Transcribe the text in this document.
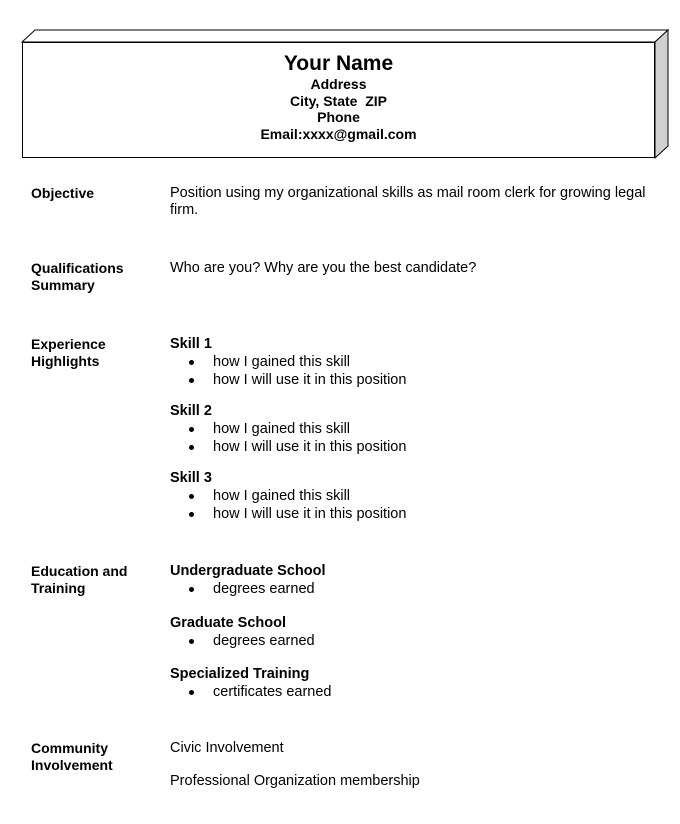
Your Name
Address
City, State  ZIP
Phone
Email:xxxx@gmail.com
Objective	Position using my organizational skills as mail room clerk for growing legal firm.
Qualifications Summary
Who are you? Why are you the best candidate?
Experience Highlights
Skill 1
how I gained this skill
how I will use it in this position
Skill 2
how I gained this skill
how I will use it in this position
Skill 3
how I gained this skill
how I will use it in this position
Education and Training
Undergraduate School
degrees earned
Graduate School
degrees earned
Specialized Training
certificates earned
Community Involvement

Civic Involvement

Professional Organization membership
